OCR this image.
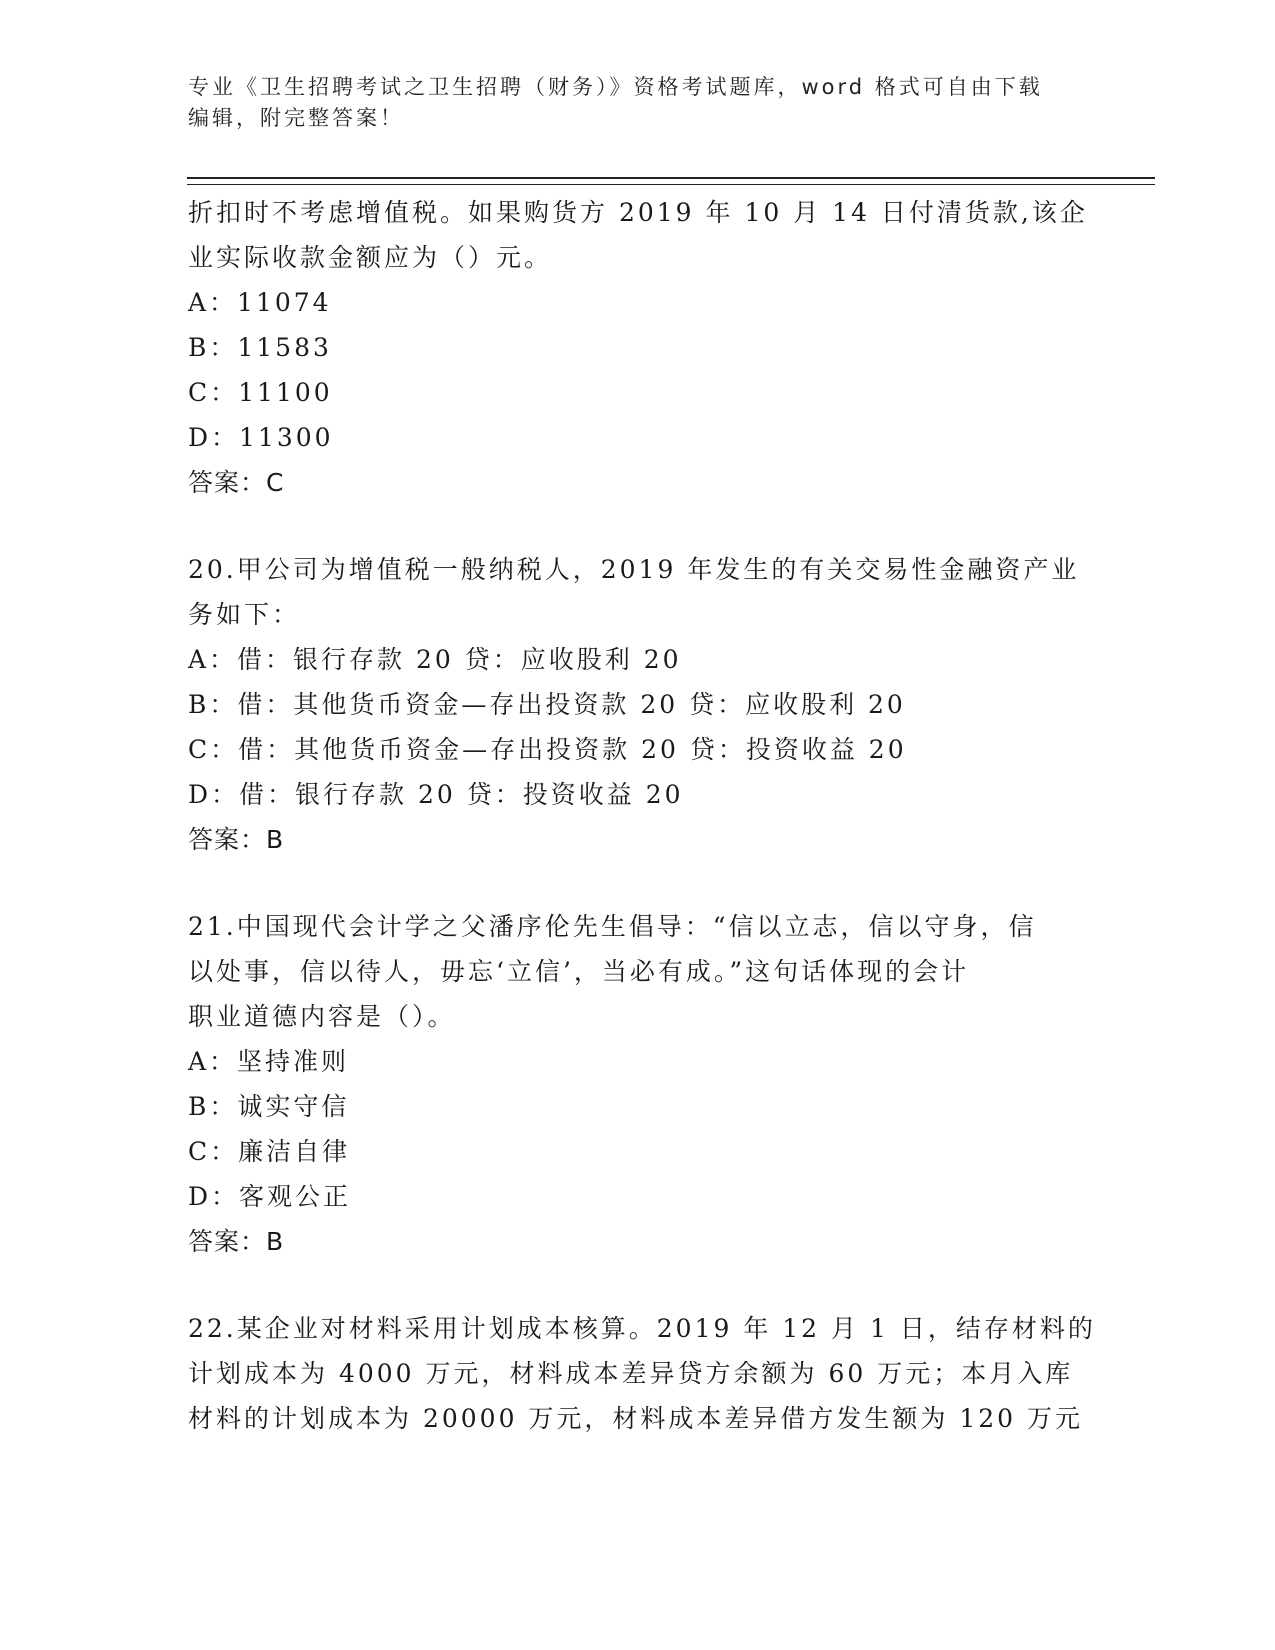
专业《卫生招聘考试之卫生招聘（财务）》资格考试题库，word 格式可自由下载
编辑，附完整答案！
折扣时不考虑增值税。如果购货方 2019 年 10 月 14 日付清货款,该企
业实际收款金额应为（）元。
A：11074
B：11583
C：11100
D：11300
答案：C
20.甲公司为增值税一般纳税人，2019 年发生的有关交易性金融资产业
务如下：
A：借：银行存款 20 贷：应收股利 20
B：借：其他货币资金—存出投资款 20 贷：应收股利 20
C：借：其他货币资金—存出投资款 20 贷：投资收益 20
D：借：银行存款 20 贷：投资收益 20
答案：B
21.中国现代会计学之父潘序伦先生倡导：“信以立志，信以守身，信
以处事，信以待人，毋忘‘立信’，当必有成。”这句话体现的会计
职业道德内容是（）。
A：坚持准则
B：诚实守信
C：廉洁自律
D：客观公正
答案：B
22.某企业对材料采用计划成本核算。2019 年 12 月 1 日，结存材料的
计划成本为 4000 万元，材料成本差异贷方余额为 60 万元；本月入库
材料的计划成本为 20000 万元，材料成本差异借方发生额为 120 万元
